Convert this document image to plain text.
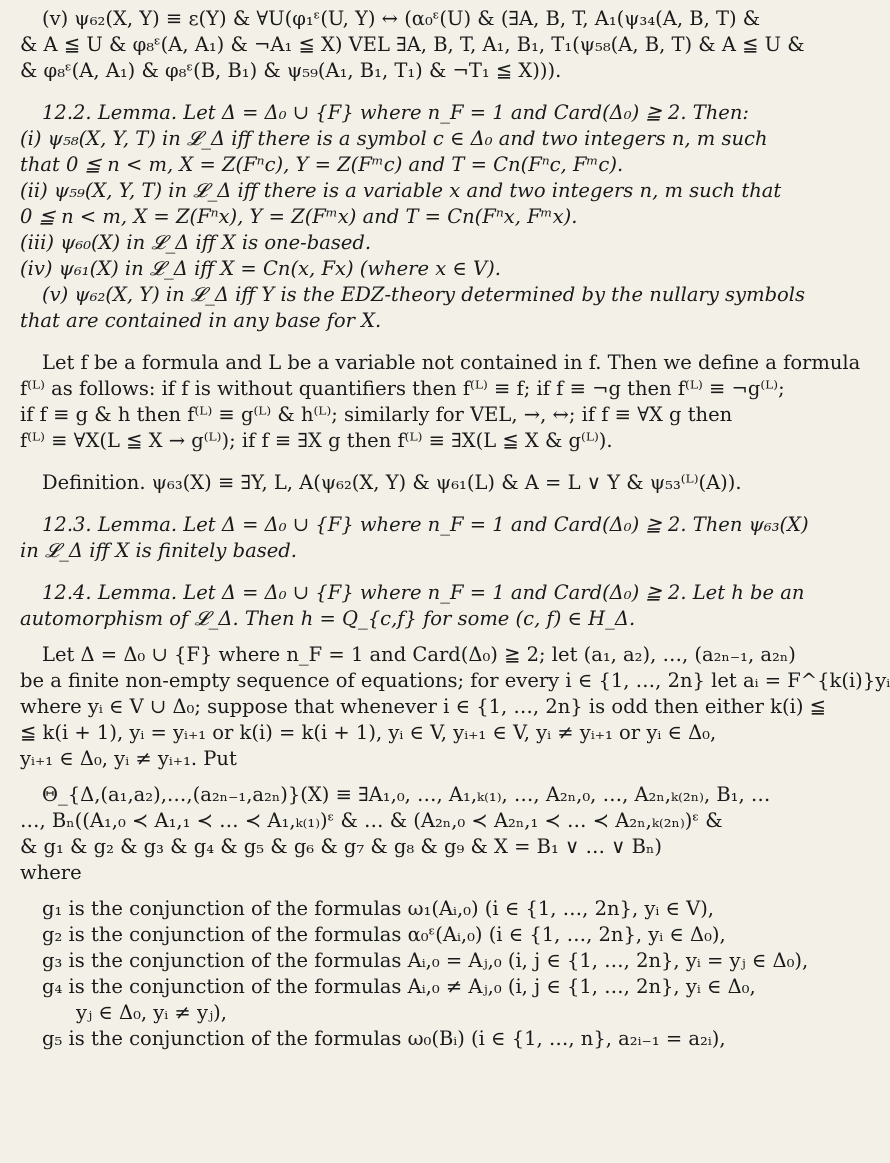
(v) ψ₆₂(X, Y) ≡ ε(Y) & ∀U(φ₁ᵋ(U, Y) ↔ (α₀ᵋ(U) & (∃A, B, T, A₁(ψ₃₄(A, B, T) &
& A ≦ U & φ₈ᵋ(A, A₁) & ¬A₁ ≦ X) VEL ∃A, B, T, A₁, B₁, T₁(ψ₅₈(A, B, T) & A ≦ U &
& φ₈ᵋ(A, A₁) & φ₈ᵋ(B, B₁) & ψ₅₉(A₁, B₁, T₁) & ¬T₁ ≦ X))).
12.2. Lemma. Let Δ = Δ₀ ∪ {F} where n_F = 1 and Card(Δ₀) ≧ 2. Then:
(i) ψ₅₈(X, Y, T) in 𝓛_Δ iff there is a symbol c ∈ Δ₀ and two integers n, m such
that 0 ≦ n < m, X = Z(Fⁿc), Y = Z(Fᵐc) and T = Cn(Fⁿc, Fᵐc).
(ii) ψ₅₉(X, Y, T) in 𝓛_Δ iff there is a variable x and two integers n, m such that
0 ≦ n < m, X = Z(Fⁿx), Y = Z(Fᵐx) and T = Cn(Fⁿx, Fᵐx).
(iii) ψ₆₀(X) in 𝓛_Δ iff X is one-based.
(iv) ψ₆₁(X) in 𝓛_Δ iff X = Cn(x, Fx) (where x ∈ V).
(v) ψ₆₂(X, Y) in 𝓛_Δ iff Y is the EDZ-theory determined by the nullary symbols
that are contained in any base for X.
Let f be a formula and L be a variable not contained in f. Then we define a formula
f⁽ᴸ⁾ as follows: if f is without quantifiers then f⁽ᴸ⁾ ≡ f; if f ≡ ¬g then f⁽ᴸ⁾ ≡ ¬g⁽ᴸ⁾;
if f ≡ g & h then f⁽ᴸ⁾ ≡ g⁽ᴸ⁾ & h⁽ᴸ⁾; similarly for VEL, →, ↔; if f ≡ ∀X g then
f⁽ᴸ⁾ ≡ ∀X(L ≦ X → g⁽ᴸ⁾); if f ≡ ∃X g then f⁽ᴸ⁾ ≡ ∃X(L ≦ X & g⁽ᴸ⁾).
Definition. ψ₆₃(X) ≡ ∃Y, L, A(ψ₆₂(X, Y) & ψ₆₁(L) & A = L ∨ Y & ψ₅₃⁽ᴸ⁾(A)).
12.3. Lemma. Let Δ = Δ₀ ∪ {F} where n_F = 1 and Card(Δ₀) ≧ 2. Then ψ₆₃(X)
in 𝓛_Δ iff X is finitely based.
12.4. Lemma. Let Δ = Δ₀ ∪ {F} where n_F = 1 and Card(Δ₀) ≧ 2. Let h be an
automorphism of 𝓛_Δ. Then h = Q_{c,f} for some (c, f) ∈ H_Δ.
Let Δ = Δ₀ ∪ {F} where n_F = 1 and Card(Δ₀) ≧ 2; let (a₁, a₂), …, (a₂ₙ₋₁, a₂ₙ)
be a finite non-empty sequence of equations; for every i ∈ {1, …, 2n} let aᵢ = F^{k(i)}yᵢ
where yᵢ ∈ V ∪ Δ₀; suppose that whenever i ∈ {1, …, 2n} is odd then either k(i) ≦
≦ k(i + 1), yᵢ = yᵢ₊₁ or k(i) = k(i + 1), yᵢ ∈ V, yᵢ₊₁ ∈ V, yᵢ ≠ yᵢ₊₁ or yᵢ ∈ Δ₀,
yᵢ₊₁ ∈ Δ₀, yᵢ ≠ yᵢ₊₁. Put
Θ_{Δ,(a₁,a₂),…,(a₂ₙ₋₁,a₂ₙ)}(X) ≡ ∃A₁,₀, …, A₁,ₖ₍₁₎, …, A₂ₙ,₀, …, A₂ₙ,ₖ₍₂ₙ₎, B₁, …
…, Bₙ((A₁,₀ ≺ A₁,₁ ≺ … ≺ A₁,ₖ₍₁₎)ᵋ & … & (A₂ₙ,₀ ≺ A₂ₙ,₁ ≺ … ≺ A₂ₙ,ₖ₍₂ₙ₎)ᵋ &
& g₁ & g₂ & g₃ & g₄ & g₅ & g₆ & g₇ & g₈ & g₉ & X = B₁ ∨ … ∨ Bₙ)
where
g₁ is the conjunction of the formulas ω₁(Aᵢ,₀) (i ∈ {1, …, 2n}, yᵢ ∈ V),
g₂ is the conjunction of the formulas α₀ᵋ(Aᵢ,₀) (i ∈ {1, …, 2n}, yᵢ ∈ Δ₀),
g₃ is the conjunction of the formulas Aᵢ,₀ = Aⱼ,₀ (i, j ∈ {1, …, 2n}, yᵢ = yⱼ ∈ Δ₀),
g₄ is the conjunction of the formulas Aᵢ,₀ ≠ Aⱼ,₀ (i, j ∈ {1, …, 2n}, yᵢ ∈ Δ₀,
yⱼ ∈ Δ₀, yᵢ ≠ yⱼ),
g₅ is the conjunction of the formulas ω₀(Bᵢ) (i ∈ {1, …, n}, a₂ᵢ₋₁ = a₂ᵢ),
